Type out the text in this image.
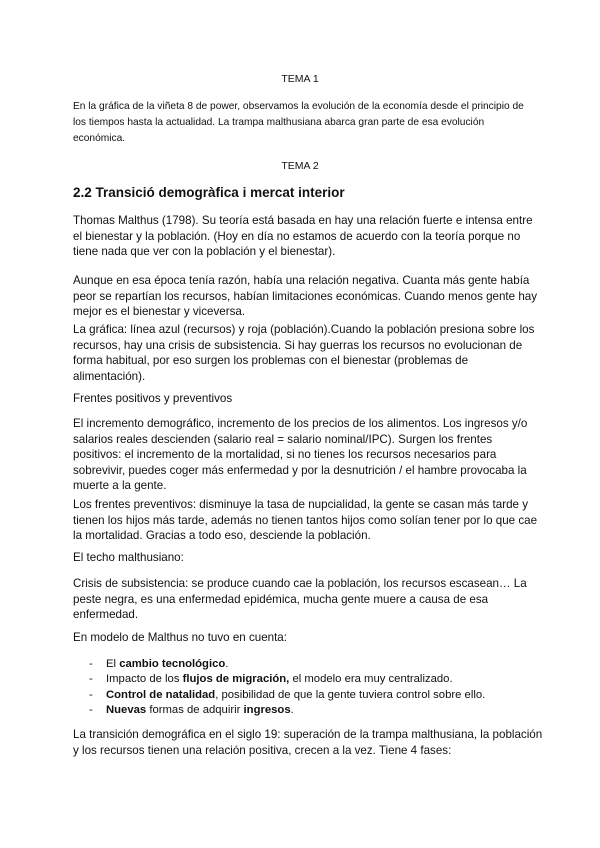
TEMA 1
En la gráfica de la viñeta 8 de power, observamos la evolución de la economía desde el principio de los tiempos hasta la actualidad. La trampa malthusiana abarca gran parte de esa evolución económica.
TEMA 2
2.2 Transició demogràfica i mercat interior

Thomas Malthus (1798). Su teoría está basada en hay una relación fuerte e intensa entre el bienestar y la población. (Hoy en día no estamos de acuerdo con la teoría porque no tiene nada que ver con la población y el bienestar).

Aunque en esa época tenía razón, había una relación negativa. Cuanta más gente había peor se repartían los recursos, habían limitaciones económicas. Cuando menos gente hay mejor es el bienestar y viceversa.

La gráfica: línea azul (recursos) y roja (población).Cuando la población presiona sobre los recursos, hay una crisis de subsistencia. Si hay guerras los recursos no evolucionan de forma habitual, por eso surgen los problemas con el bienestar (problemas de alimentación).

Frentes positivos y preventivos

El incremento demográfico, incremento de los precios de los alimentos. Los ingresos y/o salarios reales descienden (salario real = salario nominal/IPC). Surgen los frentes positivos: el incremento de la mortalidad, si no tienes los recursos necesarios para sobrevivir, puedes coger más enfermedad y por la desnutrición / el hambre provocaba la muerte a la gente.

Los frentes preventivos: disminuye la tasa de nupcialidad, la gente se casan más tarde y tienen los hijos más tarde, además no tienen tantos hijos como solían tener por lo que cae la mortalidad. Gracias a todo eso, desciende la población.

El techo malthusiano:

Crisis de subsistencia: se produce cuando cae la población, los recursos escasean… La peste negra, es una enfermedad epidémica, mucha gente muere a causa de esa enfermedad.

En modelo de Malthus no tuvo en cuenta:

- El cambio tecnológico.
- Impacto de los flujos de migración, el modelo era muy centralizado.
- Control de natalidad, posibilidad de que la gente tuviera control sobre ello.
- Nuevas formas de adquirir ingresos.

La transición demográfica en el siglo 19: superación de la trampa malthusiana, la población y los recursos tienen una relación positiva, crecen a la vez. Tiene 4 fases:
